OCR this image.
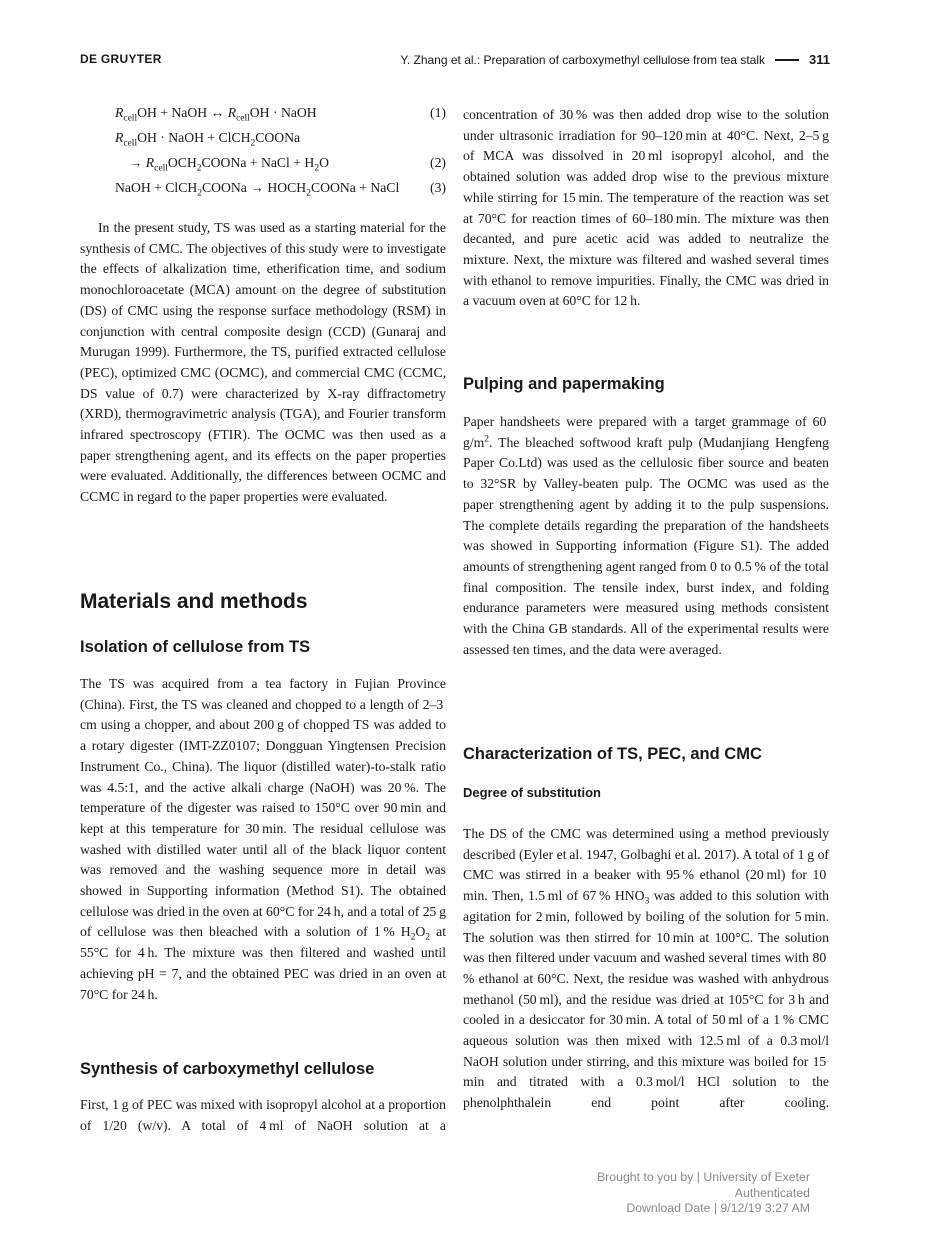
DE GRUYTER	Y. Zhang et al.: Preparation of carboxymethyl cellulose from tea stalk	311
$R_{cell}OH$ + NaOH ↔ $R_{cell}OH$ · NaOH	(1)
$R_{cell}OH$ · NaOH + ClCH$_2$COONa
 → $R_{cell}OCH_2COONa$ + NaCl + $H_2O$	(2)
NaOH + ClCH$_2$COONa → $HOCH_2COONa$ + NaCl (3)

In the present study, TS was used as a starting material for the synthesis of CMC. The objectives of this study were to investigate the effects of alkalization time, etherification time, and sodium monochloroacetate (MCA) amount on the degree of substitution (DS) of CMC using the response surface methodology (RSM) in conjunction with central composite design (CCD) (Gunaraj and Murugan 1999). Furthermore, the TS, purified extracted cellulose (PEC), optimized CMC (OCMC), and commercial CMC (CCMC, DS value of 0.7) were characterized by X-ray diffractometry (XRD), thermogravimetric analysis (TGA), and Fourier transform infrared spectroscopy (FTIR). The OCMC was then used as a paper strengthening agent, and its effects on the paper properties were evaluated. Additionally, the differences between OCMC and CCMC in regard to the paper properties were evaluated.

Materials and methods
Isolation of cellulose from TS

The TS was acquired from a tea factory in Fujian Province (China). First, the TS was cleaned and chopped to a length of 2–3 cm using a chopper, and about 200 g of chopped TS was added to a rotary digester (IMT-ZZ0107; Dongguan Yingtensen Precision Instrument Co., China). The liquor (distilled water)-to-stalk ratio was 4.5:1, and the active alkali charge (NaOH) was 20 %. The temperature of the digester was raised to 150°C over 90 min and kept at this temperature for 30 min. The residual cellulose was washed with distilled water until all of the black liquor content was removed and the washing sequence more in detail was showed in Supporting information (Method S1). The obtained cellulose was dried in the oven at 60°C for 24 h, and a total of 25 g of cellulose was then bleached with a solution of 1 % $H_2O_2$ at 55°C for 4 h. The mixture was then filtered and washed until achieving pH = 7, and the obtained PEC was dried in an oven at 70°C for 24 h.

Synthesis of carboxymethyl cellulose

First, 1 g of PEC was mixed with isopropyl alcohol at a proportion of 1/20 (w/v). A total of 4 ml of NaOH solution at a

concentration of 30 % was then added drop wise to the solution under ultrasonic irradiation for 90–120 min at 40°C. Next, 2–5 g of MCA was dissolved in 20 ml isopropyl alcohol, and the obtained solution was added drop wise to the previous mixture while stirring for 15 min. The temperature of the reaction was set at 70°C for reaction times of 60–180 min. The mixture was then decanted, and pure acetic acid was added to neutralize the mixture. Next, the mixture was filtered and washed several times with ethanol to remove impurities. Finally, the CMC was dried in a vacuum oven at 60°C for 12 h.

Pulping and papermaking

Paper handsheets were prepared with a target grammage of 60 $g/m^2$. The bleached softwood kraft pulp (Mudanjiang Hengfeng Paper Co.Ltd) was used as the cellulosic fiber source and beaten to 32°SR by Valley-beaten pulp. The OCMC was used as the paper strengthening agent by adding it to the pulp suspensions. The complete details regarding the preparation of the handsheets was showed in Supporting information (Figure S1). The added amounts of strengthening agent ranged from 0 to 0.5 % of the total final composition. The tensile index, burst index, and folding endurance parameters were measured using methods consistent with the China GB standards. All of the experimental results were assessed ten times, and the data were averaged.

Characterization of TS, PEC, and CMC
Degree of substitution

The DS of the CMC was determined using a method previously described (Eyler et al. 1947, Golbaghi et al. 2017). A total of 1 g of CMC was stirred in a beaker with 95 % ethanol (20 ml) for 10 min. Then, 1.5 ml of 67 % $HNO_3$ was added to this solution with agitation for 2 min, followed by boiling of the solution for 5 min. The solution was then stirred for 10 min at 100°C. The solution was then filtered under vacuum and washed several times with 80 % ethanol at 60°C. Next, the residue was washed with anhydrous methanol (50 ml), and the residue was dried at 105°C for 3 h and cooled in a desiccator for 30 min. A total of 50 ml of a 1 % CMC aqueous solution was then mixed with 12.5 ml of a 0.3 mol/l NaOH solution under stirring, and this mixture was boiled for 15 min and titrated with a 0.3 mol/l HCl solution to the phenolphthalein end point after cooling.

Brought to you by | University of Exeter
Authenticated
Download Date | 9/12/19 3:27 AM
